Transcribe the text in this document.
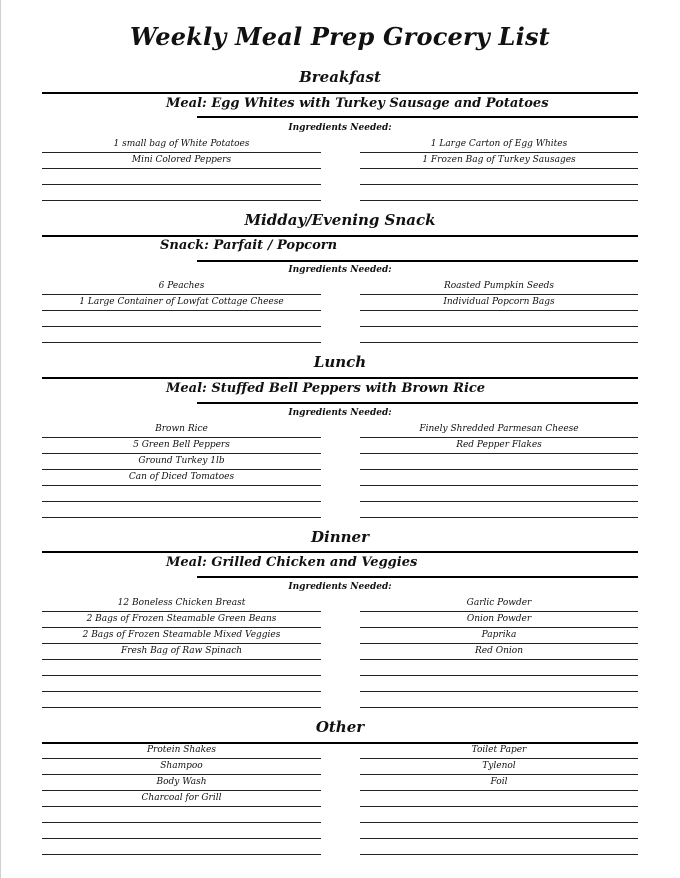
Weekly Meal Prep Grocery List
Breakfast
Meal: Egg Whites with Turkey Sausage and Potatoes
Ingredients Needed:
1 small bag of White Potatoes
Mini Colored Peppers
1 Large Carton of Egg Whites
1 Frozen Bag of Turkey Sausages
Midday/Evening Snack
Snack: Parfait / Popcorn
Ingredients Needed:
6 Peaches
1 Large Container of Lowfat Cottage Cheese
Roasted Pumpkin Seeds
Individual Popcorn Bags
Lunch
Meal: Stuffed Bell Peppers with Brown Rice
Ingredients Needed:
Brown Rice
5 Green Bell Peppers
Ground Turkey 1lb
Can of Diced Tomatoes
Finely Shredded Parmesan Cheese
Red Pepper Flakes
Dinner
Meal: Grilled Chicken and Veggies
Ingredients Needed:
12 Boneless Chicken Breast
2 Bags of Frozen Steamable Green Beans
2 Bags of Frozen Steamable Mixed Veggies
Fresh Bag of Raw Spinach
Garlic Powder
Onion Powder
Paprika
Red Onion
Other
Protein Shakes
Shampoo
Body Wash
Charcoal for Grill
Toilet Paper
Tylenol
Foil
